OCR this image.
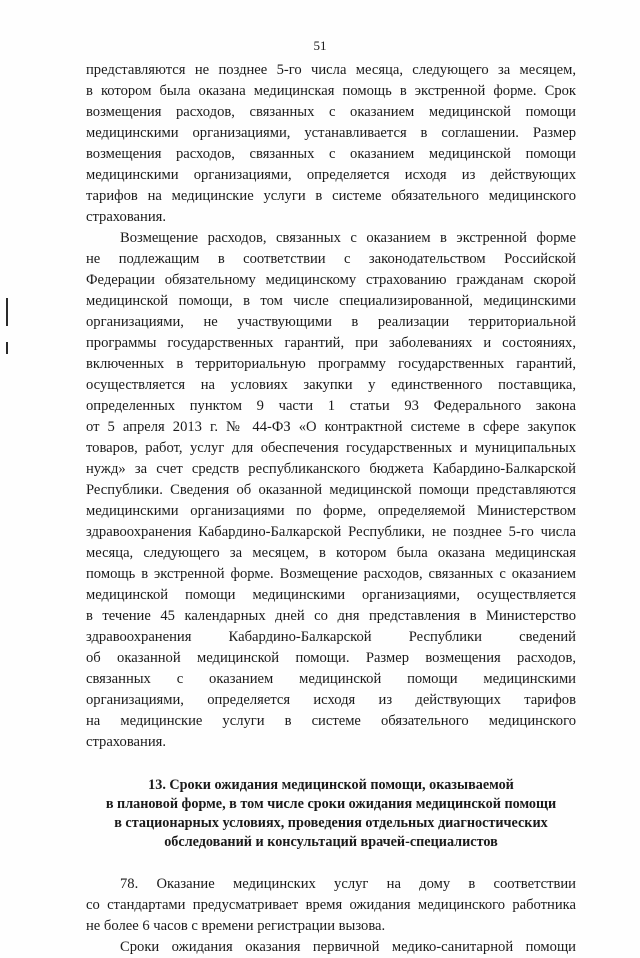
51
представляются не позднее 5-го числа месяца, следующего за месяцем,
в котором была оказана медицинская помощь в экстренной форме. Срок
возмещения расходов, связанных с оказанием медицинской помощи
медицинскими организациями, устанавливается в соглашении. Размер
возмещения расходов, связанных с оказанием медицинской помощи
медицинскими организациями, определяется исходя из действующих
тарифов на медицинские услуги в системе обязательного медицинского
страхования.
Возмещение расходов, связанных с оказанием в экстренной форме
не подлежащим в соответствии с законодательством Российской
Федерации обязательному медицинскому страхованию гражданам скорой
медицинской помощи, в том числе специализированной, медицинскими
организациями, не участвующими в реализации территориальной
программы государственных гарантий, при заболеваниях и состояниях,
включенных в территориальную программу государственных гарантий,
осуществляется на условиях закупки у единственного поставщика,
определенных пунктом 9 части 1 статьи 93 Федерального закона
от 5 апреля 2013 г. № 44-ФЗ «О контрактной системе в сфере закупок
товаров, работ, услуг для обеспечения государственных и муниципальных
нужд» за счет средств республиканского бюджета Кабардино-Балкарской
Республики. Сведения об оказанной медицинской помощи представляются
медицинскими организациями по форме, определяемой Министерством
здравоохранения Кабардино-Балкарской Республики, не позднее 5-го числа
месяца, следующего за месяцем, в котором была оказана медицинская
помощь в экстренной форме. Возмещение расходов, связанных с оказанием
медицинской помощи медицинскими организациями, осуществляется
в течение 45 календарных дней со дня представления в Министерство
здравоохранения Кабардино-Балкарской Республики сведений
об оказанной медицинской помощи. Размер возмещения расходов,
связанных с оказанием медицинской помощи медицинскими
организациями, определяется исходя из действующих тарифов
на медицинские услуги в системе обязательного медицинского
страхования.
13. Сроки ожидания медицинской помощи, оказываемой
в плановой форме, в том числе сроки ожидания медицинской помощи
в стационарных условиях, проведения отдельных диагностических
обследований и консультаций врачей-специалистов
78. Оказание медицинских услуг на дому в соответствии
со стандартами предусматривает время ожидания медицинского работника
не более 6 часов с времени регистрации вызова.
Сроки ожидания оказания первичной медико-санитарной помощи
